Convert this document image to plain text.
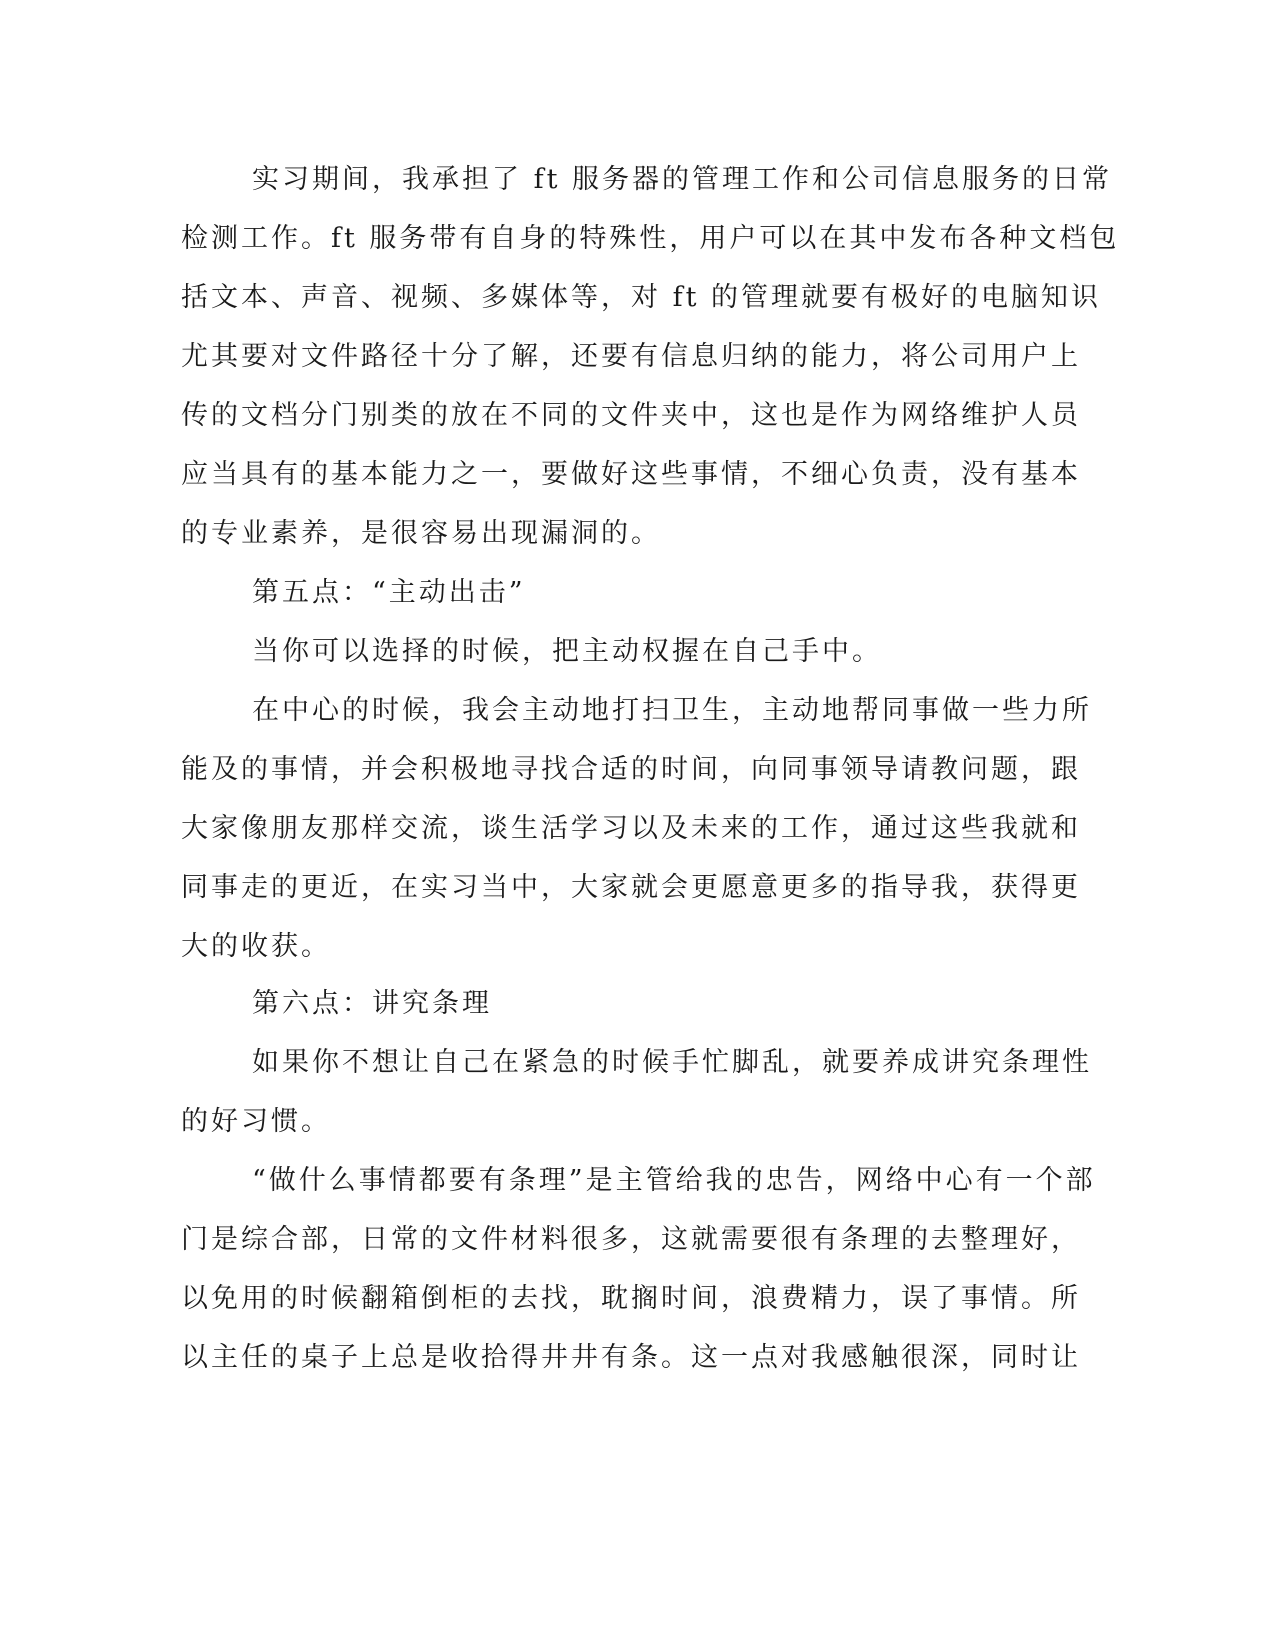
实习期间，我承担了 ft 服务器的管理工作和公司信息服务的日常
检测工作。ft 服务带有自身的特殊性，用户可以在其中发布各种文档包
括文本、声音、视频、多媒体等，对 ft 的管理就要有极好的电脑知识
尤其要对文件路径十分了解，还要有信息归纳的能力，将公司用户上
传的文档分门别类的放在不同的文件夹中，这也是作为网络维护人员
应当具有的基本能力之一，要做好这些事情，不细心负责，没有基本
的专业素养，是很容易出现漏洞的。
第五点：“主动出击”
当你可以选择的时候，把主动权握在自己手中。
在中心的时候，我会主动地打扫卫生，主动地帮同事做一些力所
能及的事情，并会积极地寻找合适的时间，向同事领导请教问题，跟
大家像朋友那样交流，谈生活学习以及未来的工作，通过这些我就和
同事走的更近，在实习当中，大家就会更愿意更多的指导我，获得更
大的收获。
第六点：讲究条理
如果你不想让自己在紧急的时候手忙脚乱，就要养成讲究条理性
的好习惯。
“做什么事情都要有条理”是主管给我的忠告，网络中心有一个部
门是综合部，日常的文件材料很多，这就需要很有条理的去整理好，
以免用的时候翻箱倒柜的去找，耽搁时间，浪费精力，误了事情。所
以主任的桌子上总是收拾得井井有条。这一点对我感触很深，同时让
